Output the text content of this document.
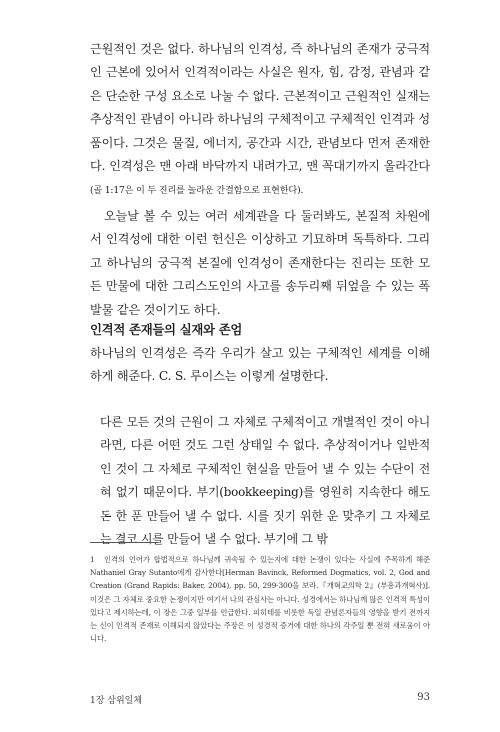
근원적인 것은 없다. 하나님의 인격성, 즉 하나님의 존재가 궁극적인 근본에 있어서 인격적이라는 사실은 원자, 힘, 감정, 관념과 같은 단순한 구성 요소로 나눌 수 없다. 근본적이고 근원적인 실재는 추상적인 관념이 아니라 하나님의 구체적이고 구체적인 인격과 성품이다. 그것은 물질, 에너지, 공간과 시간, 관념보다 먼저 존재한다. 인격성은 맨 아래 바닥까지 내려가고, 맨 꼭대기까지 올라간다(골 1:17은 이 두 진리를 놀라운 간결함으로 표현한다).

오늘날 볼 수 있는 여러 세계관을 다 둘러봐도, 본질적 차원에서 인격성에 대한 이런 헌신은 이상하고 기묘하며 독특하다. 그리고 하나님의 궁극적 본질에 인격성이 존재한다는 진리는 또한 모든 만물에 대한 그리스도인의 사고를 송두리째 뒤엎을 수 있는 폭발물 같은 것이기도 하다.

인격적 존재들의 실재와 존엄

하나님의 인격성은 즉각 우리가 살고 있는 구체적인 세계를 이해하게 해준다. C. S. 루이스는 이렇게 설명한다.

다른 모든 것의 근원이 그 자체로 구체적이고 개별적인 것이 아니라면, 다른 어떤 것도 그런 상태일 수 없다. 추상적이거나 일반적인 것이 그 자체로 구체적인 현실을 만들어 낼 수 있는 수단이 전혀 없기 때문이다. 부기(bookkeeping)를 영원히 지속한다 해도 돈 한 푼 만들어 낼 수 없다. 시를 짓기 위한 운 맞추기 그 자체로는 결코 시를 만들어 낼 수 없다. 부기에 그 밖

1 인격의 언어가 합법적으로 하나님께 귀속될 수 있는지에 대한 논쟁이 있다는 사실에 주목하게 해준 Nathaniel Gray Sutanto에게 감사한다[Herman Bavinck, Reformed Dogmatics, vol. 2, God and Creation (Grand Rapids: Baker, 2004), pp. 50, 299-300을 보라.『개혁교의학 2』(부흥과개혁사)]. 이것은 그 자체로 중요한 논쟁이지만 여기서 나의 관심사는 아니다. 성경에서는 하나님께 많은 인격적 특성이 있다고 제시하는데, 이 장은 그중 일부를 언급한다. 피히테를 비롯한 독일 관념론자들의 영향을 받기 전까지는 신이 인격적 존재로 이해되지 않았다는 주장은 이 성경적 증거에 대한 하나의 각주일 뿐 전혀 새로움이 아니다.

1장 삼위일체	93
